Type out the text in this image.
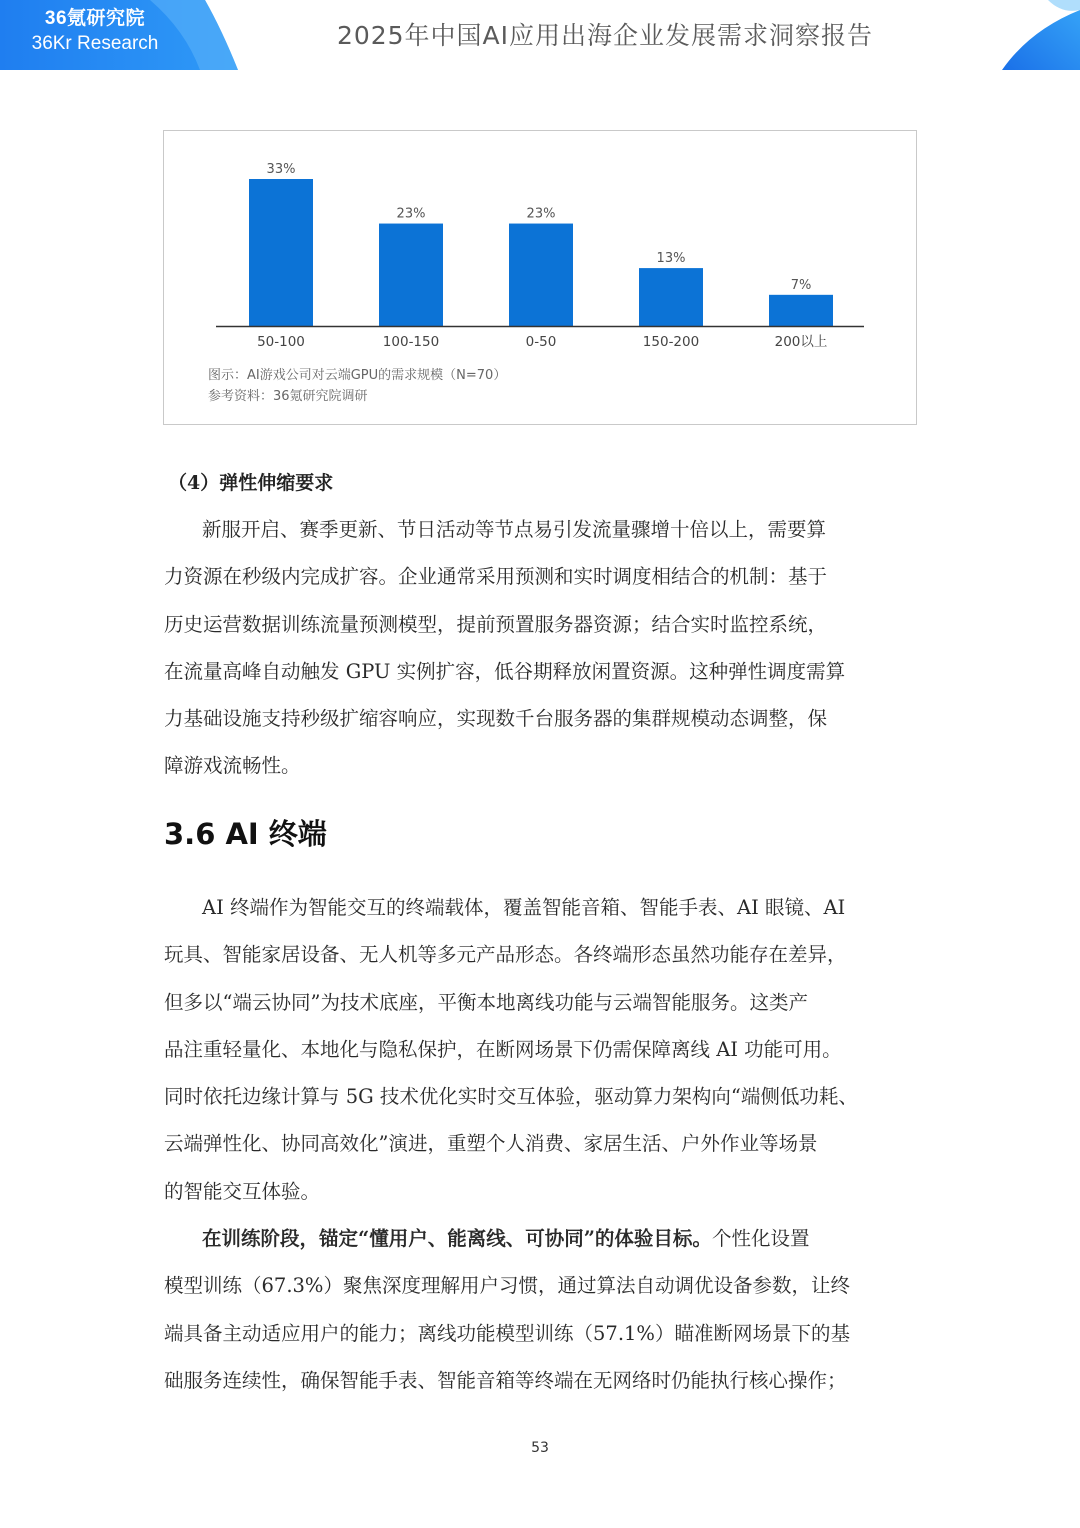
36氪研究院
36Kr Research	2025年中国AI应用出海企业发展需求洞察报告
33%
50-100
23%
100-150
23%
0-50
13%
150-200
7%
200以上
图示：AI游戏公司对云端GPU的需求规模（N=70）
参考资料：36氪研究院调研
（4）弹性伸缩要求
新服开启、赛季更新、节日活动等节点易引发流量骤增十倍以上，需要算
力资源在秒级内完成扩容。企业通常采用预测和实时调度相结合的机制：基于
历史运营数据训练流量预测模型，提前预置服务器资源；结合实时监控系统，
在流量高峰自动触发 GPU 实例扩容，低谷期释放闲置资源。这种弹性调度需算
力基础设施支持秒级扩缩容响应，实现数千台服务器的集群规模动态调整，保
障游戏流畅性。
3.6 AI 终端
AI 终端作为智能交互的终端载体，覆盖智能音箱、智能手表、AI 眼镜、AI
玩具、智能家居设备、无人机等多元产品形态。各终端形态虽然功能存在差异，
但多以“端云协同”为技术底座，平衡本地离线功能与云端智能服务。这类产
品注重轻量化、本地化与隐私保护，在断网场景下仍需保障离线 AI 功能可用。
同时依托边缘计算与 5G 技术优化实时交互体验，驱动算力架构向“端侧低功耗、
云端弹性化、协同高效化”演进，重塑个人消费、家居生活、户外作业等场景
的智能交互体验。
在训练阶段，锚定“懂用户、能离线、可协同”的体验目标。个性化设置
模型训练（67.3%）聚焦深度理解用户习惯，通过算法自动调优设备参数，让终
端具备主动适应用户的能力；离线功能模型训练（57.1%）瞄准断网场景下的基
础服务连续性，确保智能手表、智能音箱等终端在无网络时仍能执行核心操作；
53
